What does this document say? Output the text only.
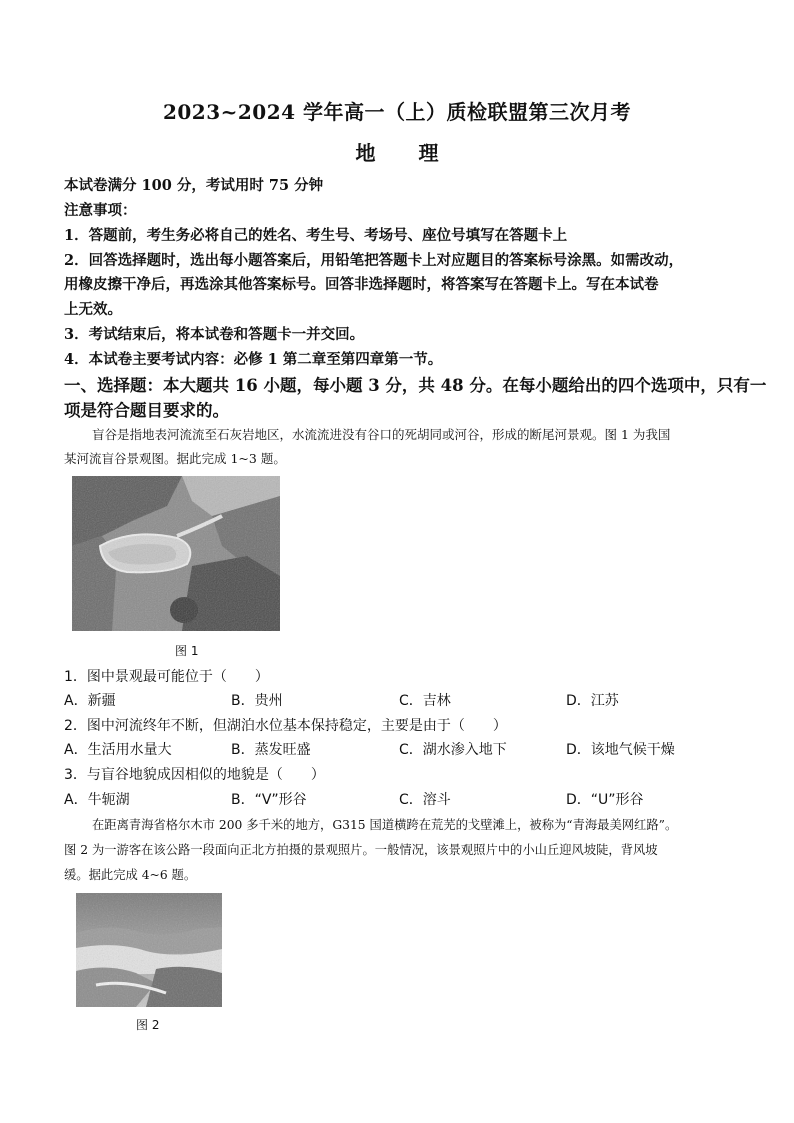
2023~2024 学年高一（上）质检联盟第三次月考
地 理
本试卷满分 100 分，考试用时 75 分钟
注意事项：
1．答题前，考生务必将自己的姓名、考生号、考场号、座位号填写在答题卡上
2．回答选择题时，选出每小题答案后，用铅笔把答题卡上对应题目的答案标号涂黑。如需改动，
用橡皮擦干净后，再选涂其他答案标号。回答非选择题时，将答案写在答题卡上。写在本试卷
上无效。
3．考试结束后，将本试卷和答题卡一并交回。
4．本试卷主要考试内容：必修 1 第二章至第四章第一节。
一、选择题：本大题共 16 小题，每小题 3 分，共 48 分。在每小题给出的四个选项中，只有一
项是符合题目要求的。
盲谷是指地表河流流至石灰岩地区，水流流进没有谷口的死胡同或河谷，形成的断尾河景观。图 1 为我国
某河流盲谷景观图。据此完成 1~3 题。
图 1
1．图中景观最可能位于（　　）
A．新疆	B．贵州	C．吉林	D．江苏
2．图中河流终年不断，但湖泊水位基本保持稳定，主要是由于（　　）
A．生活用水量大	B．蒸发旺盛	C．湖水渗入地下	D．该地气候干燥
3．与盲谷地貌成因相似的地貌是（　　）
A．牛轭湖	B．“V”形谷	C．溶斗	D．“U”形谷
在距离青海省格尔木市 200 多千米的地方，G315 国道横跨在荒芜的戈壁滩上，被称为“青海最美网红路”。
图 2 为一游客在该公路一段面向正北方拍摄的景观照片。一般情况，该景观照片中的小山丘迎风坡陡，背风坡
缓。据此完成 4~6 题。
图 2
